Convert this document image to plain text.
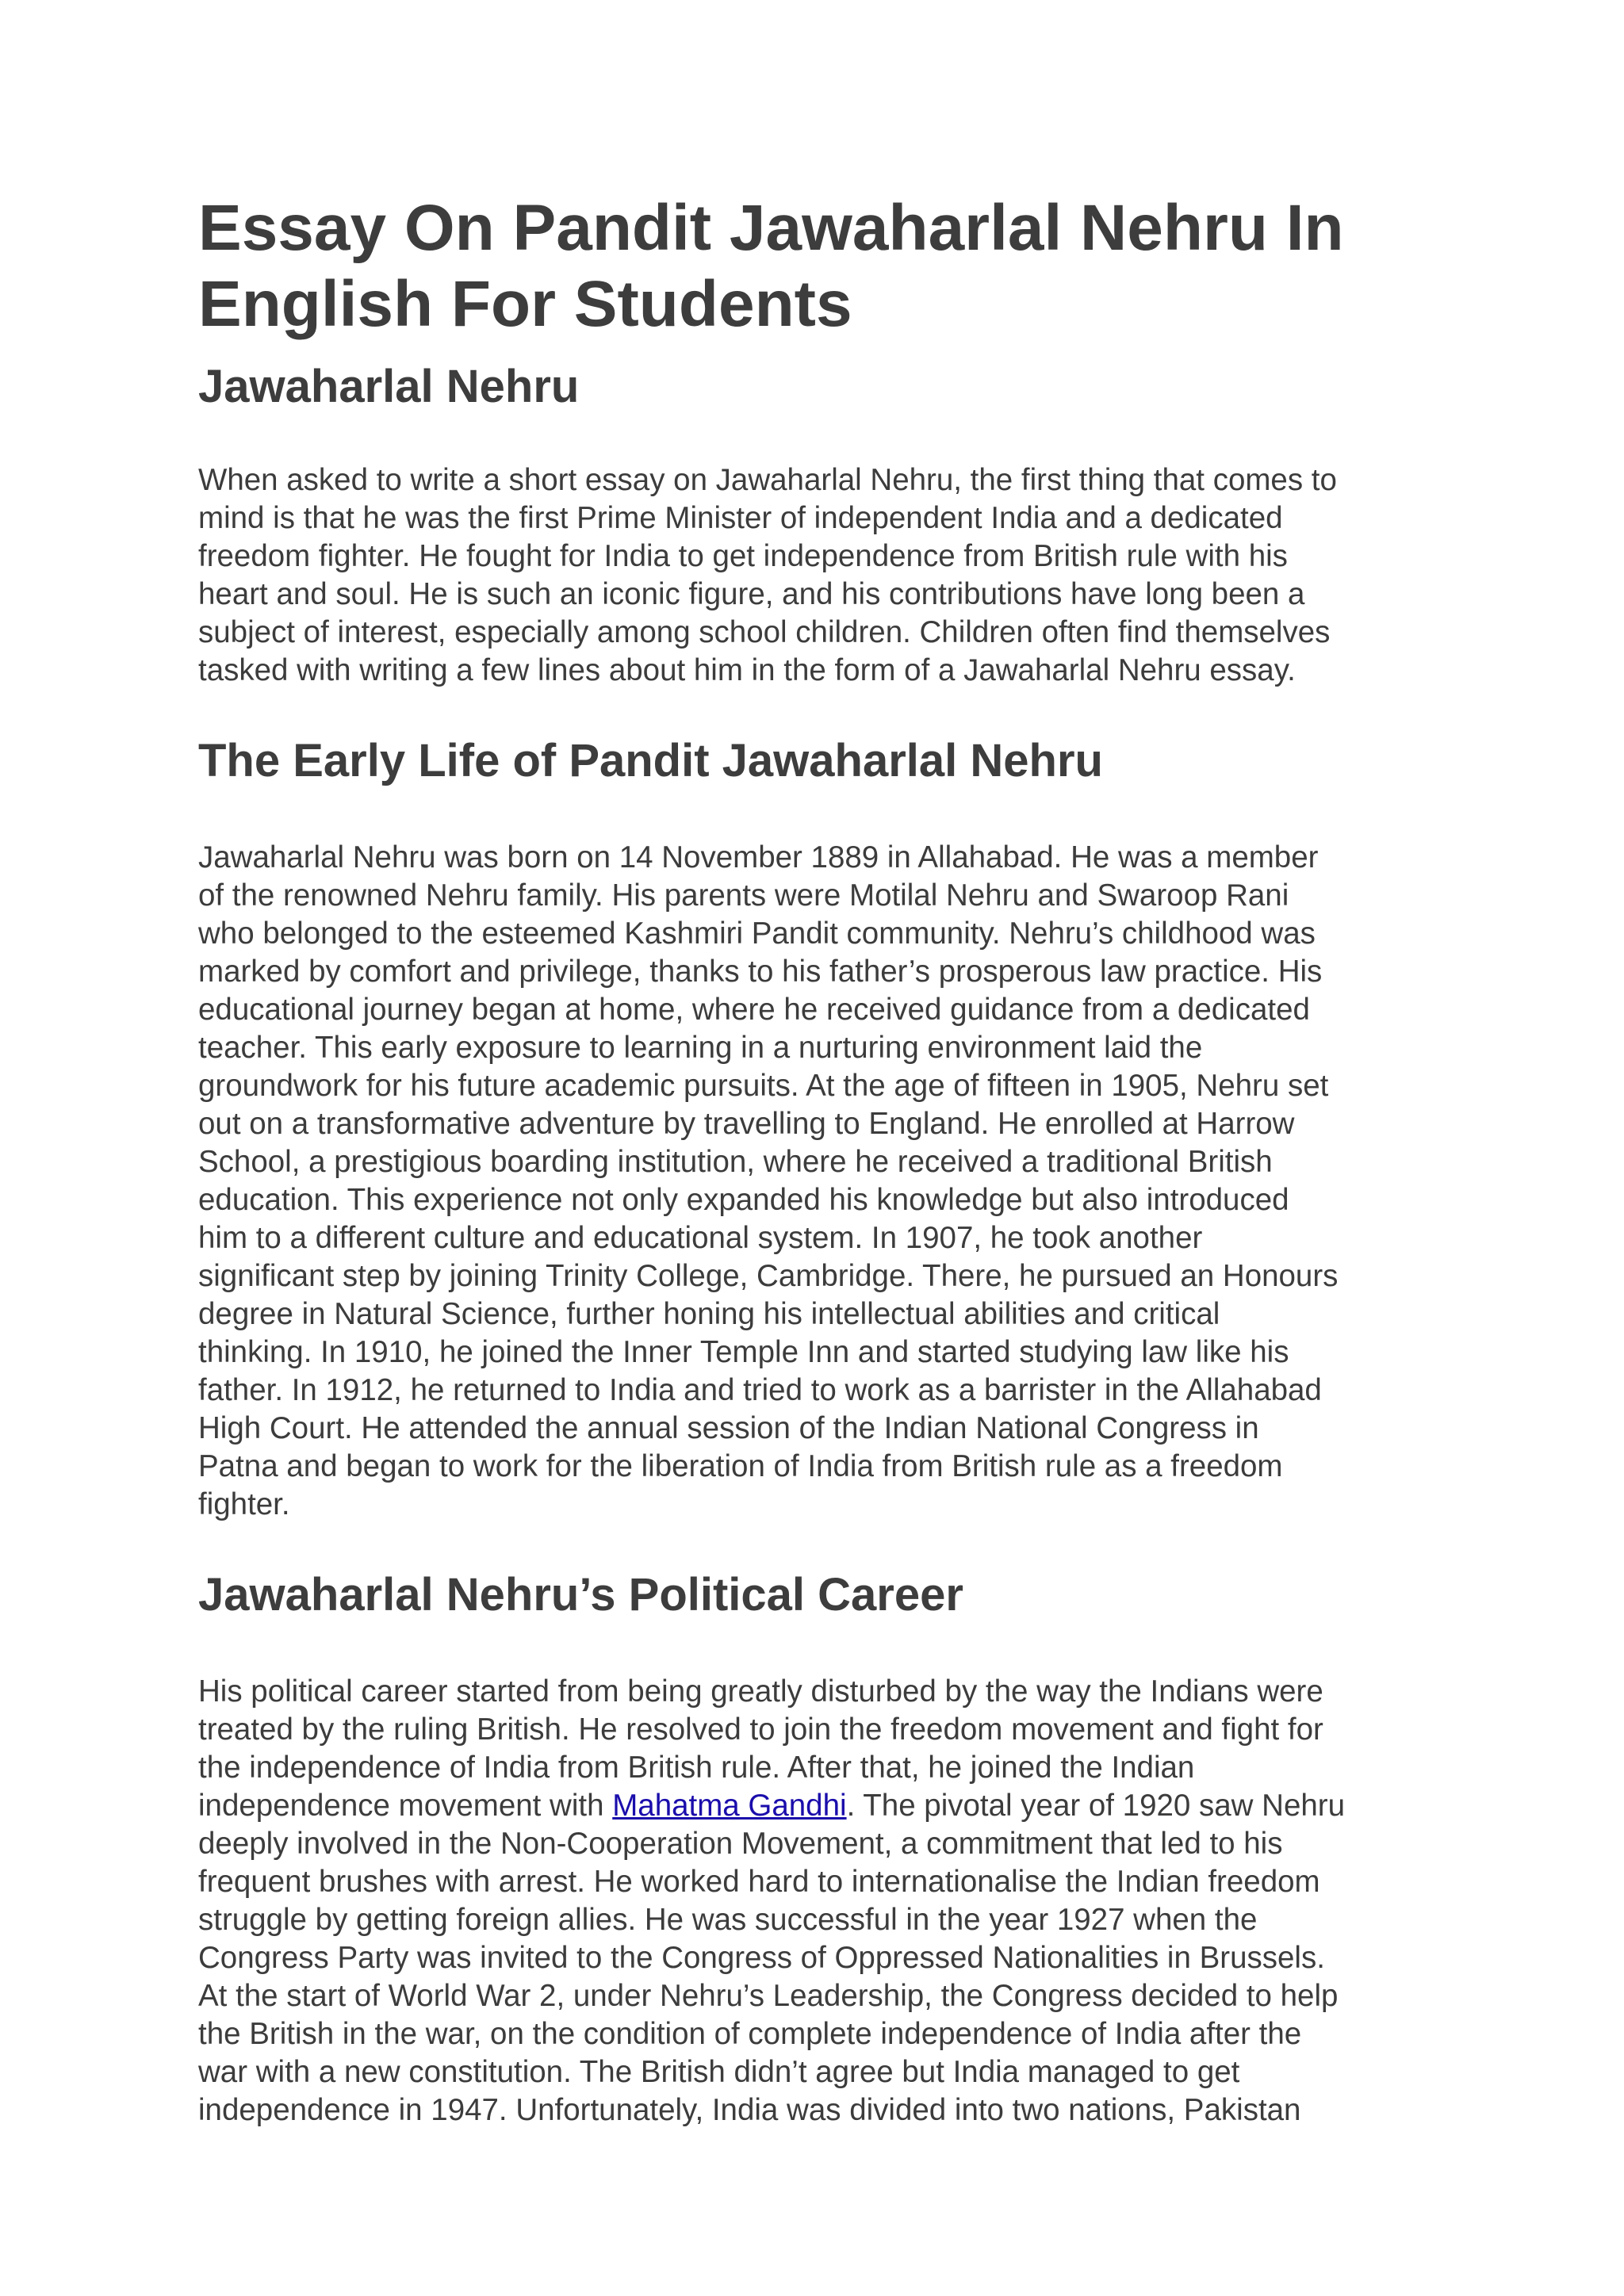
Essay On Pandit Jawaharlal Nehru In
English For Students
Jawaharlal Nehru

When asked to write a short essay on Jawaharlal Nehru, the first thing that comes to
mind is that he was the first Prime Minister of independent India and a dedicated
freedom fighter. He fought for India to get independence from British rule with his
heart and soul. He is such an iconic figure, and his contributions have long been a
subject of interest, especially among school children. Children often find themselves
tasked with writing a few lines about him in the form of a Jawaharlal Nehru essay.

The Early Life of Pandit Jawaharlal Nehru

Jawaharlal Nehru was born on 14 November 1889 in Allahabad. He was a member
of the renowned Nehru family. His parents were Motilal Nehru and Swaroop Rani
who belonged to the esteemed Kashmiri Pandit community. Nehru’s childhood was
marked by comfort and privilege, thanks to his father’s prosperous law practice. His
educational journey began at home, where he received guidance from a dedicated
teacher. This early exposure to learning in a nurturing environment laid the
groundwork for his future academic pursuits. At the age of fifteen in 1905, Nehru set
out on a transformative adventure by travelling to England. He enrolled at Harrow
School, a prestigious boarding institution, where he received a traditional British
education. This experience not only expanded his knowledge but also introduced
him to a different culture and educational system. In 1907, he took another
significant step by joining Trinity College, Cambridge. There, he pursued an Honours
degree in Natural Science, further honing his intellectual abilities and critical
thinking. In 1910, he joined the Inner Temple Inn and started studying law like his
father. In 1912, he returned to India and tried to work as a barrister in the Allahabad
High Court. He attended the annual session of the Indian National Congress in
Patna and began to work for the liberation of India from British rule as a freedom
fighter.

Jawaharlal Nehru’s Political Career

His political career started from being greatly disturbed by the way the Indians were
treated by the ruling British. He resolved to join the freedom movement and fight for
the independence of India from British rule. After that, he joined the Indian
independence movement with Mahatma Gandhi. The pivotal year of 1920 saw Nehru
deeply involved in the Non-Cooperation Movement, a commitment that led to his
frequent brushes with arrest. He worked hard to internationalise the Indian freedom
struggle by getting foreign allies. He was successful in the year 1927 when the
Congress Party was invited to the Congress of Oppressed Nationalities in Brussels.
At the start of World War 2, under Nehru’s Leadership, the Congress decided to help
the British in the war, on the condition of complete independence of India after the
war with a new constitution. The British didn’t agree but India managed to get
independence in 1947. Unfortunately, India was divided into two nations, Pakistan
